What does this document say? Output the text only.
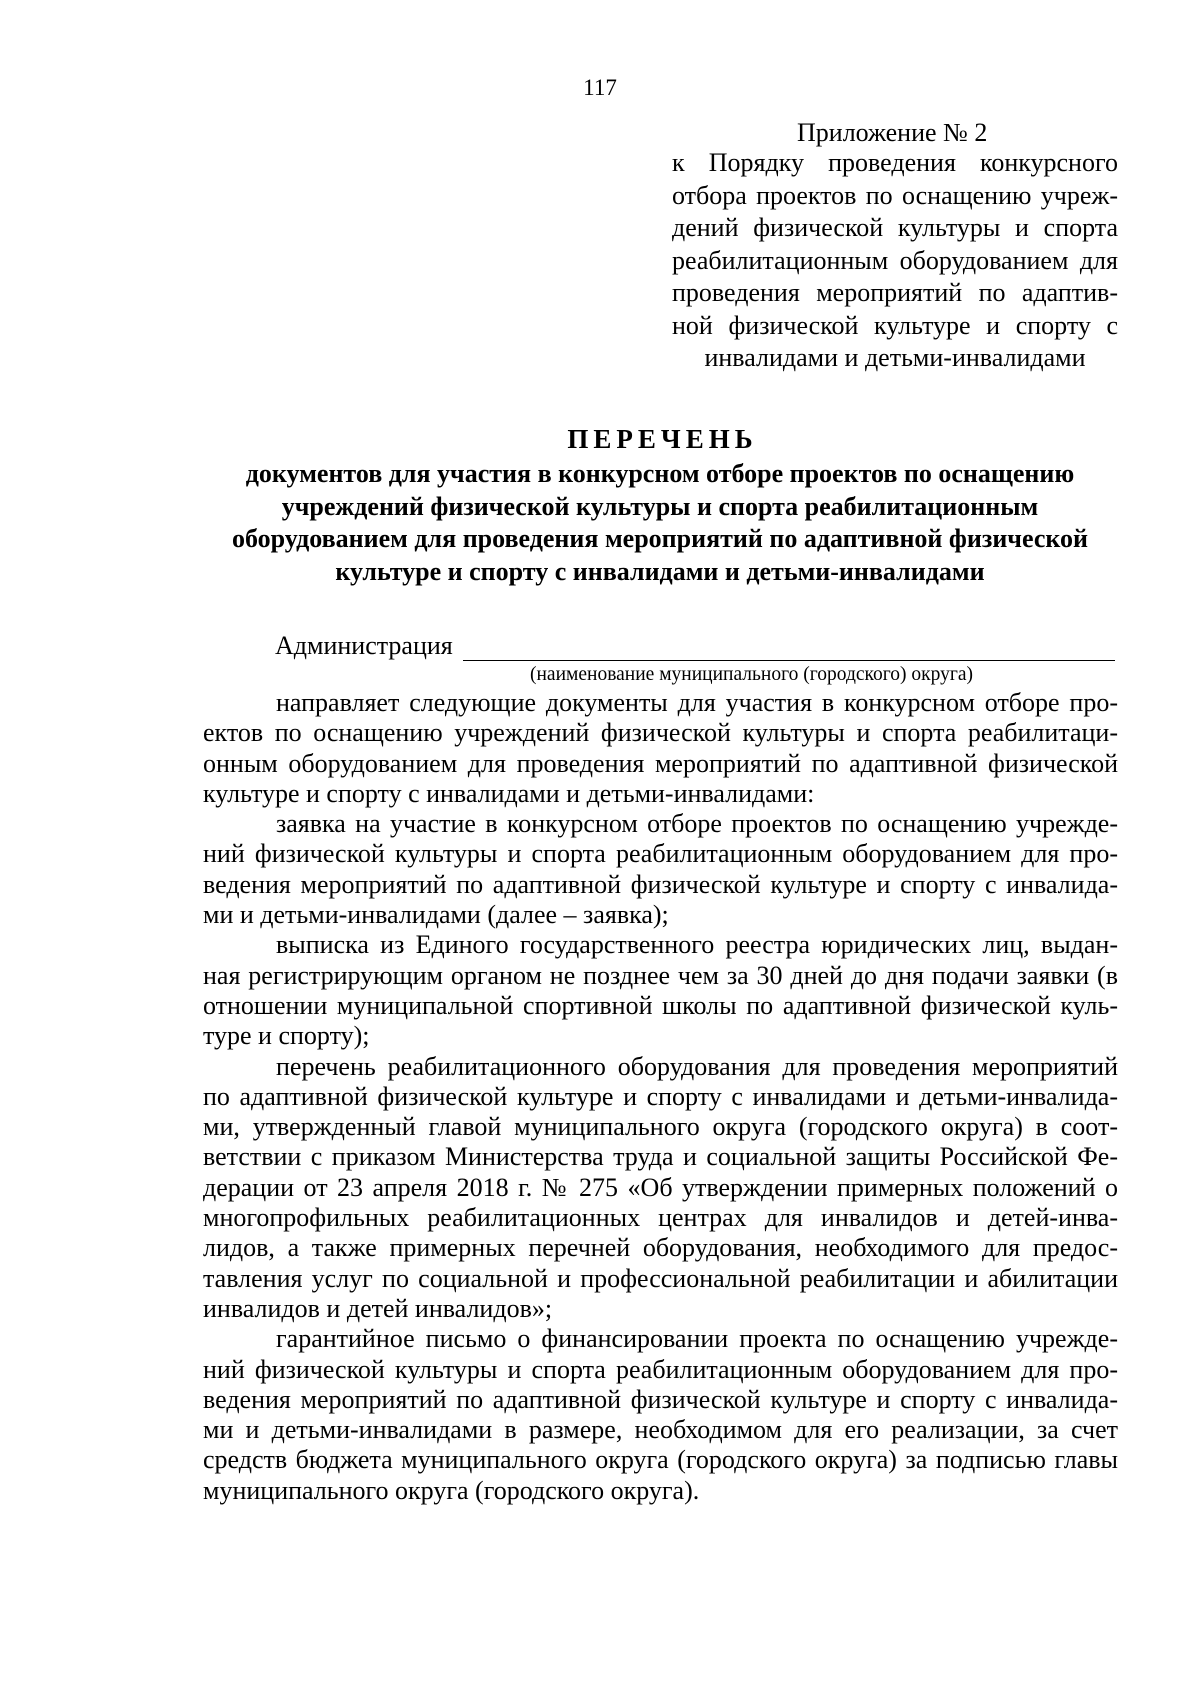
117
Приложение № 2
к Порядку проведения конкурсного
отбора проектов по оснащению учреж-
дений физической культуры и спорта
реабилитационным оборудованием для
проведения мероприятий по адаптив-
ной физической культуре и спорту с
инвалидами и детьми-инвалидами
ПЕРЕЧЕНЬ
документов для участия в конкурсном отборе проектов по оснащению
учреждений физической культуры и спорта реабилитационным
оборудованием для проведения мероприятий по адаптивной физической
культуре и спорту с инвалидами и детьми-инвалидами
Администрация
(наименование муниципального (городского) округа)
направляет следующие документы для участия в конкурсном отборе про-
ектов по оснащению учреждений физической культуры и спорта реабилитаци-
онным оборудованием для проведения мероприятий по адаптивной физической
культуре и спорту с инвалидами и детьми-инвалидами:
заявка на участие в конкурсном отборе проектов по оснащению учрежде-
ний физической культуры и спорта реабилитационным оборудованием для про-
ведения мероприятий по адаптивной физической культуре и спорту с инвалида-
ми и детьми-инвалидами (далее – заявка);
выписка из Единого государственного реестра юридических лиц, выдан-
ная регистрирующим органом не позднее чем за 30 дней до дня подачи заявки (в
отношении муниципальной спортивной школы по адаптивной физической куль-
туре и спорту);
перечень реабилитационного оборудования для проведения мероприятий
по адаптивной физической культуре и спорту с инвалидами и детьми-инвалида-
ми, утвержденный главой муниципального округа (городского округа) в соот-
ветствии с приказом Министерства труда и социальной защиты Российской Фе-
дерации от 23 апреля 2018 г. № 275 «Об утверждении примерных положений о
многопрофильных реабилитационных центрах для инвалидов и детей-инва-
лидов, а также примерных перечней оборудования, необходимого для предос-
тавления услуг по социальной и профессиональной реабилитации и абилитации
инвалидов и детей инвалидов»;
гарантийное письмо о финансировании проекта по оснащению учрежде-
ний физической культуры и спорта реабилитационным оборудованием для про-
ведения мероприятий по адаптивной физической культуре и спорту с инвалида-
ми и детьми-инвалидами в размере, необходимом для его реализации, за счет
средств бюджета муниципального округа (городского округа) за подписью главы
муниципального округа (городского округа).
